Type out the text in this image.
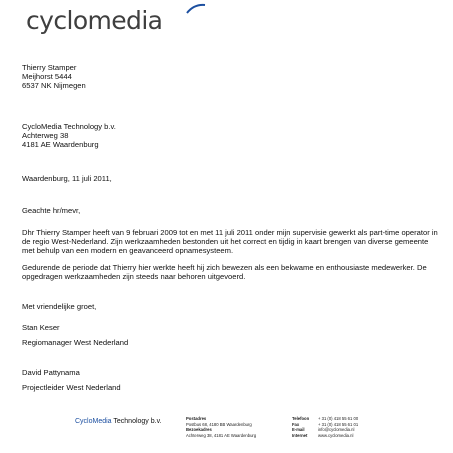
cyclomedia
Thierry Stamper
Meijhorst 5444
6537 NK Nijmegen
CycloMedia Technology b.v.
Achterweg 38
4181 AE Waardenburg
Waardenburg, 11 juli 2011,
Geachte hr/mevr,
Dhr Thierry Stamper heeft van 9 februari 2009 tot en met 11 juli 2011 onder mijn supervisie gewerkt als part-time operator in de regio West-Nederland. Zijn werkzaamheden bestonden uit het correct en tijdig in kaart brengen van diverse gemeente met behulp van een modern en geavanceerd opnamesysteem.
Gedurende de periode dat Thierry hier werkte heeft hij zich bewezen als een bekwame en enthousiaste medewerker. De opgedragen werkzaamheden zijn steeds naar behoren uitgevoerd.
Met vriendelijke groet,
Stan Keser
Regiomanager West Nederland
David Pattynama
Projectleider West Nederland
CycloMedia Technology b.v.	Postadres
Postbus 68, 4180 BB Waardenburg
Bezoekadres
Achterweg 38, 4181 AE Waardenburg
Telefoon
Fax
E-mail
Internet
+ 31 (0) 418 55 61 00
+ 31 (0) 418 55 61 01
info@cyclomedia.nl
www.cyclomedia.nl
